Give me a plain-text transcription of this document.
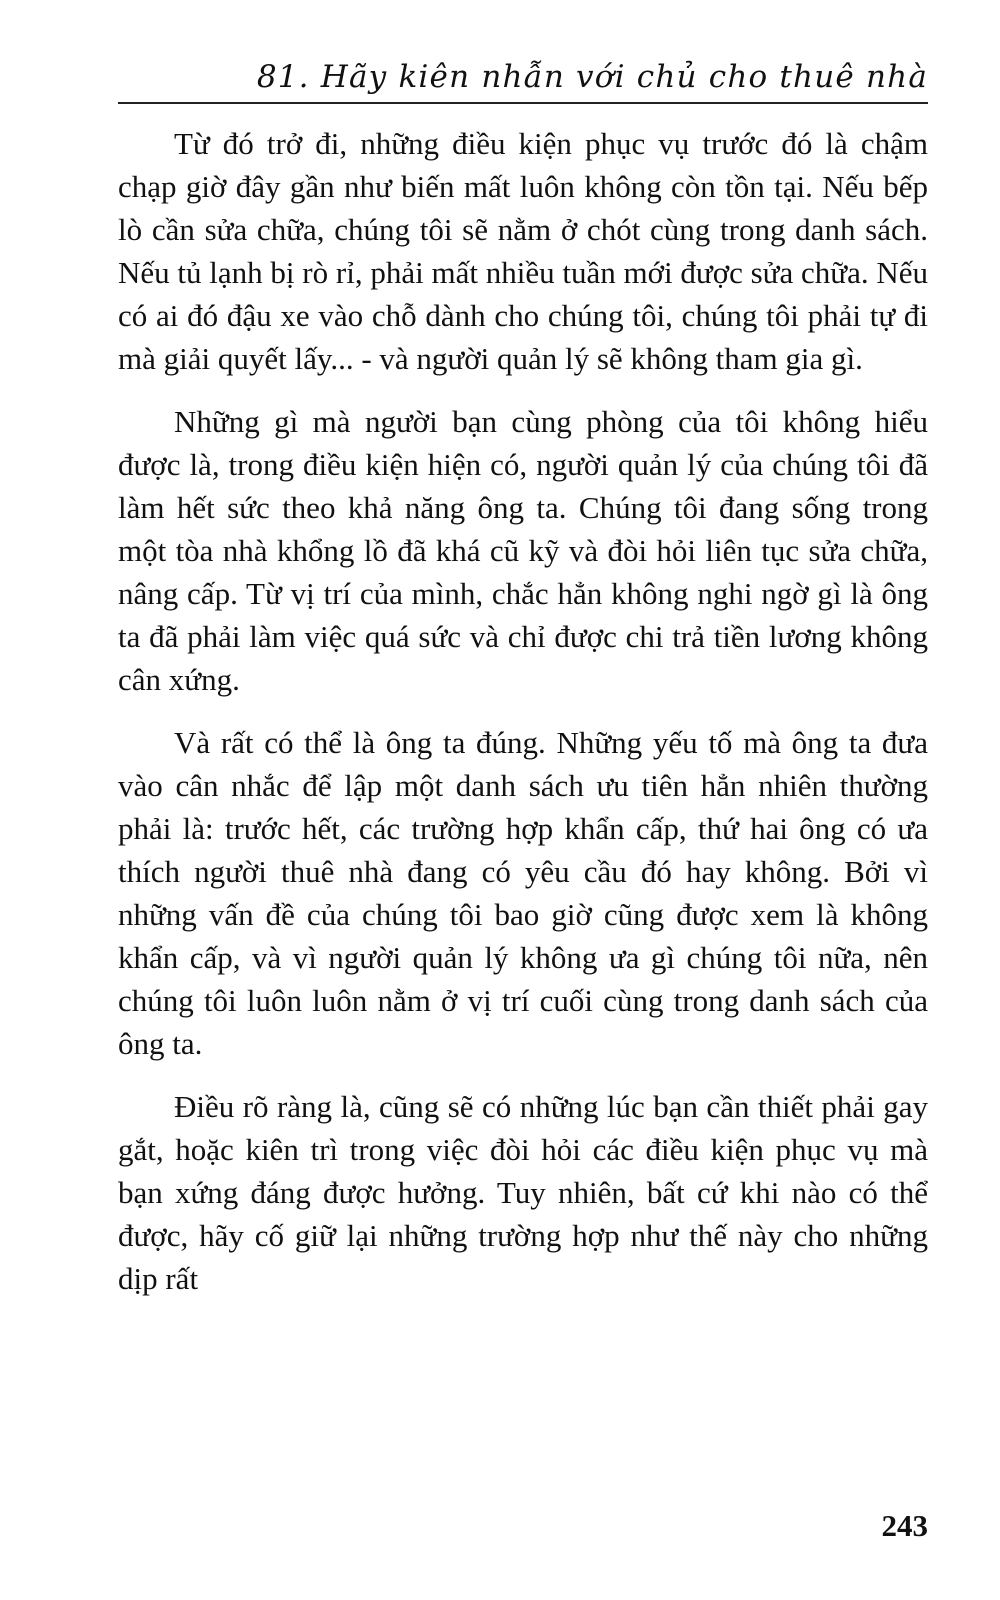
81. Hãy kiên nhẫn với chủ cho thuê nhà

Từ đó trở đi, những điều kiện phục vụ trước đó là chậm chạp giờ đây gần như biến mất luôn không còn tồn tại. Nếu bếp lò cần sửa chữa, chúng tôi sẽ nằm ở chót cùng trong danh sách. Nếu tủ lạnh bị rò rỉ, phải mất nhiều tuần mới được sửa chữa. Nếu có ai đó đậu xe vào chỗ dành cho chúng tôi, chúng tôi phải tự đi mà giải quyết lấy... - và người quản lý sẽ không tham gia gì.

Những gì mà người bạn cùng phòng của tôi không hiểu được là, trong điều kiện hiện có, người quản lý của chúng tôi đã làm hết sức theo khả năng ông ta. Chúng tôi đang sống trong một tòa nhà khổng lồ đã khá cũ kỹ và đòi hỏi liên tục sửa chữa, nâng cấp. Từ vị trí của mình, chắc hẳn không nghi ngờ gì là ông ta đã phải làm việc quá sức và chỉ được chi trả tiền lương không cân xứng.

Và rất có thể là ông ta đúng. Những yếu tố mà ông ta đưa vào cân nhắc để lập một danh sách ưu tiên hẳn nhiên thường phải là: trước hết, các trường hợp khẩn cấp, thứ hai ông có ưa thích người thuê nhà đang có yêu cầu đó hay không. Bởi vì những vấn đề của chúng tôi bao giờ cũng được xem là không khẩn cấp, và vì người quản lý không ưa gì chúng tôi nữa, nên chúng tôi luôn luôn nằm ở vị trí cuối cùng trong danh sách của ông ta.

Điều rõ ràng là, cũng sẽ có những lúc bạn cần thiết phải gay gắt, hoặc kiên trì trong việc đòi hỏi các điều kiện phục vụ mà bạn xứng đáng được hưởng. Tuy nhiên, bất cứ khi nào có thể được, hãy cố giữ lại những trường hợp như thế này cho những dịp rất

243
